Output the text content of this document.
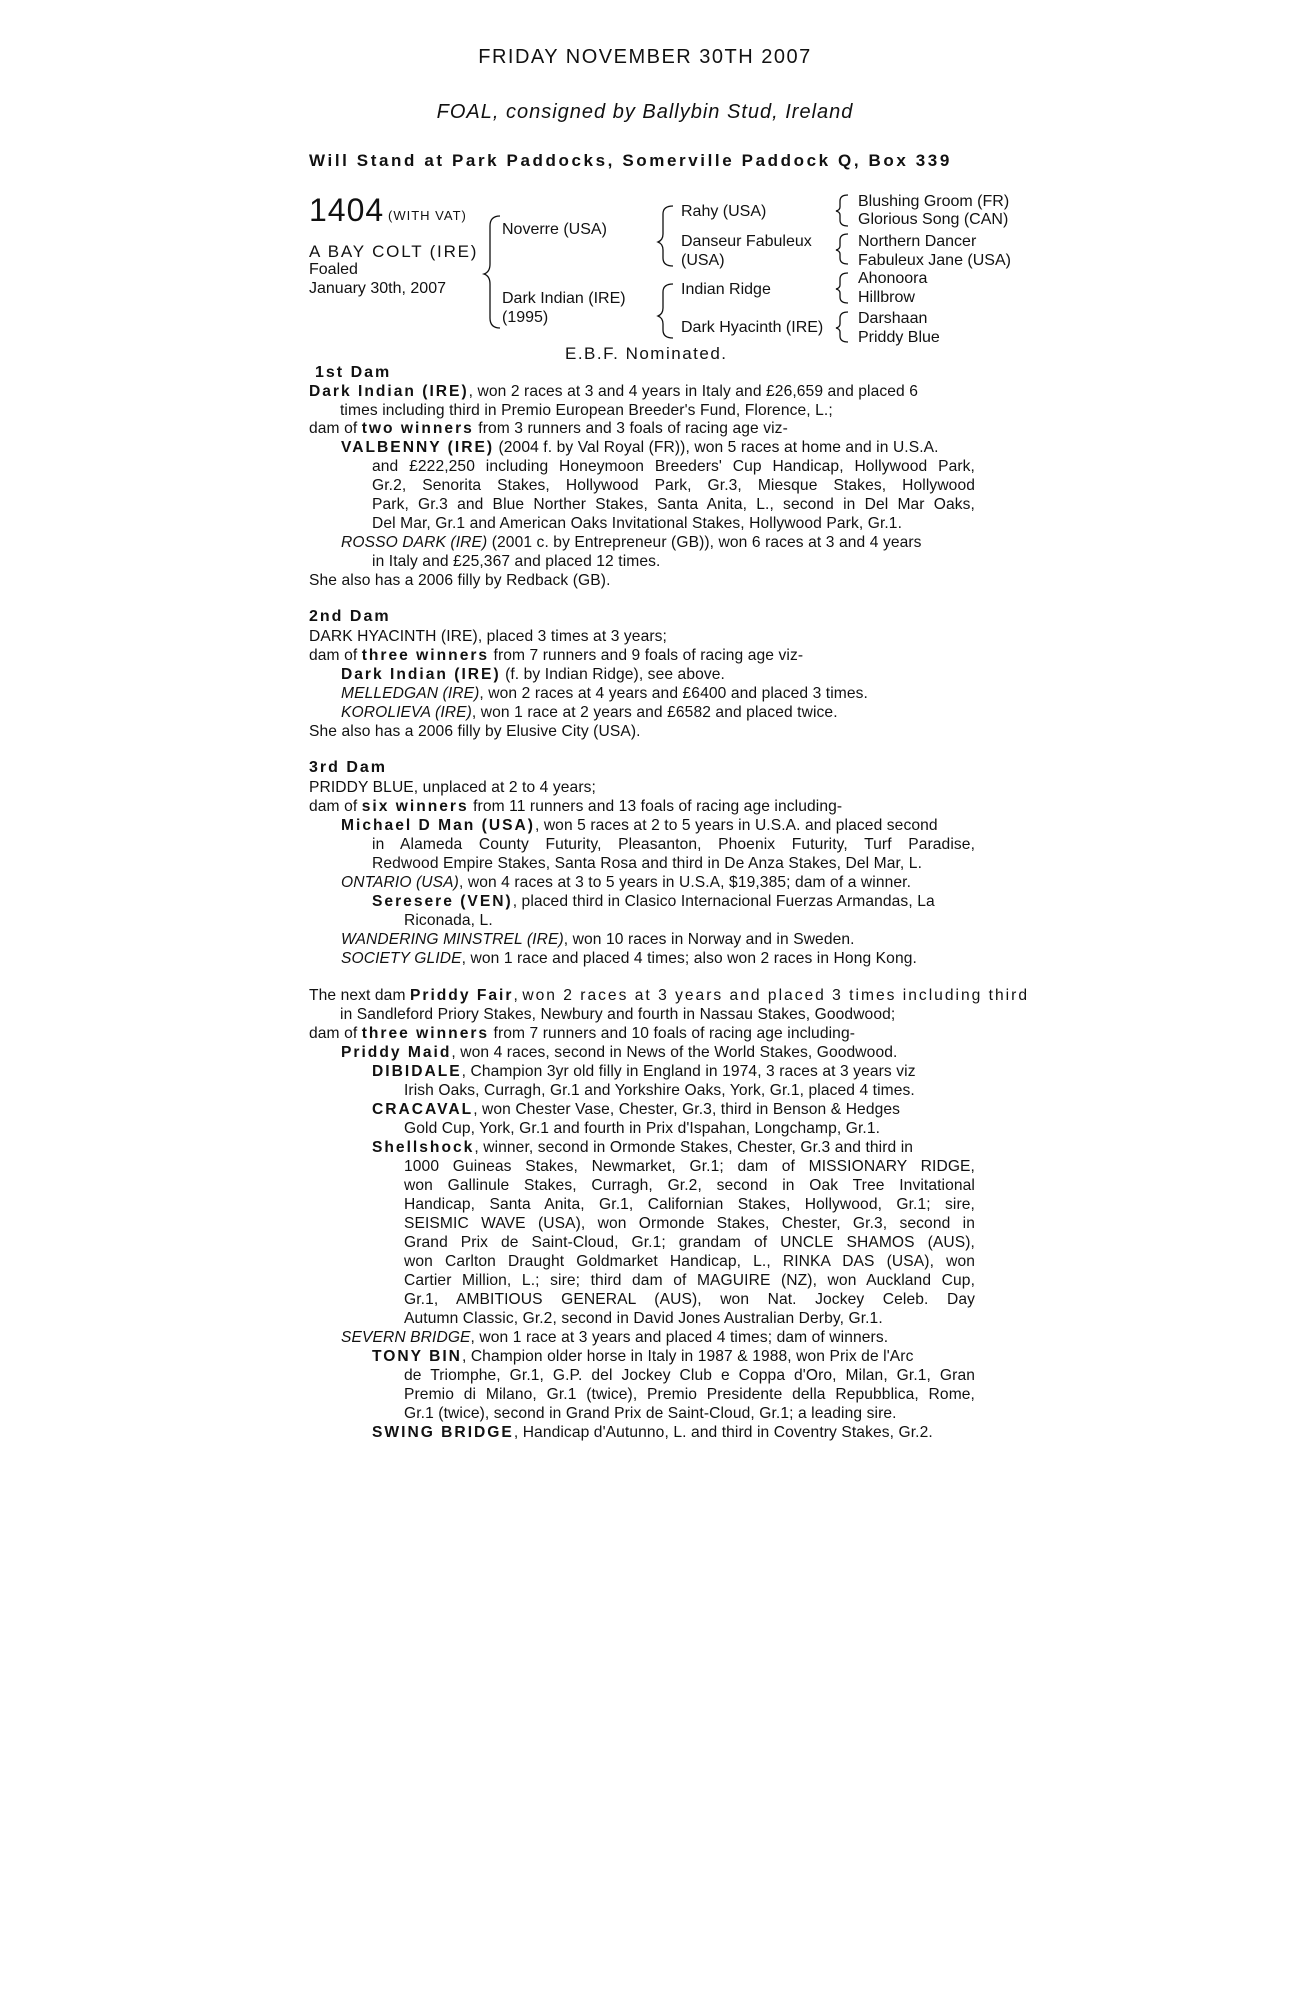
FRIDAY NOVEMBER 30TH 2007
FOAL, consigned by Ballybin Stud, Ireland
Will Stand at Park Paddocks, Somerville Paddock Q, Box 339
1404 (WITH VAT)
A BAY COLT (IRE)
Foaled
January 30th, 2007
Noverre (USA)
Dark Indian (IRE)
(1995)
Rahy (USA)
Danseur Fabuleux
(USA)
Indian Ridge
Dark Hyacinth (IRE)
Blushing Groom (FR)
Glorious Song (CAN)
Northern Dancer
Fabuleux Jane (USA)
Ahonoora
Hillbrow
Darshaan
Priddy Blue
E.B.F. Nominated.
1st Dam
Dark Indian (IRE), won 2 races at 3 and 4 years in Italy and £26,659 and placed 6
times including third in Premio European Breeder's Fund, Florence, L.;
dam of two winners from 3 runners and 3 foals of racing age viz-
VALBENNY (IRE) (2004 f. by Val Royal (FR)), won 5 races at home and in U.S.A.
and £222,250 including Honeymoon Breeders' Cup Handicap, Hollywood Park,
Gr.2, Senorita Stakes, Hollywood Park, Gr.3, Miesque Stakes, Hollywood
Park, Gr.3 and Blue Norther Stakes, Santa Anita, L., second in Del Mar Oaks,
Del Mar, Gr.1 and American Oaks Invitational Stakes, Hollywood Park, Gr.1.
ROSSO DARK (IRE) (2001 c. by Entrepreneur (GB)), won 6 races at 3 and 4 years
in Italy and £25,367 and placed 12 times.
She also has a 2006 filly by Redback (GB).
2nd Dam
DARK HYACINTH (IRE), placed 3 times at 3 years;
dam of three winners from 7 runners and 9 foals of racing age viz-
Dark Indian (IRE) (f. by Indian Ridge), see above.
MELLEDGAN (IRE), won 2 races at 4 years and £6400 and placed 3 times.
KOROLIEVA (IRE), won 1 race at 2 years and £6582 and placed twice.
She also has a 2006 filly by Elusive City (USA).
3rd Dam
PRIDDY BLUE, unplaced at 2 to 4 years;
dam of six winners from 11 runners and 13 foals of racing age including-
Michael D Man (USA), won 5 races at 2 to 5 years in U.S.A. and placed second
in Alameda County Futurity, Pleasanton, Phoenix Futurity, Turf Paradise,
Redwood Empire Stakes, Santa Rosa and third in De Anza Stakes, Del Mar, L.
ONTARIO (USA), won 4 races at 3 to 5 years in U.S.A, $19,385; dam of a winner.
Seresere (VEN), placed third in Clasico Internacional Fuerzas Armandas, La
Riconada, L.
WANDERING MINSTREL (IRE), won 10 races in Norway and in Sweden.
SOCIETY GLIDE, won 1 race and placed 4 times; also won 2 races in Hong Kong.
The next dam Priddy Fair, won 2 races at 3 years and placed 3 times including third
in Sandleford Priory Stakes, Newbury and fourth in Nassau Stakes, Goodwood;
dam of three winners from 7 runners and 10 foals of racing age including-
Priddy Maid, won 4 races, second in News of the World Stakes, Goodwood.
DIBIDALE, Champion 3yr old filly in England in 1974, 3 races at 3 years viz
Irish Oaks, Curragh, Gr.1 and Yorkshire Oaks, York, Gr.1, placed 4 times.
CRACAVAL, won Chester Vase, Chester, Gr.3, third in Benson & Hedges
Gold Cup, York, Gr.1 and fourth in Prix d'Ispahan, Longchamp, Gr.1.
Shellshock, winner, second in Ormonde Stakes, Chester, Gr.3 and third in
1000 Guineas Stakes, Newmarket, Gr.1; dam of MISSIONARY RIDGE,
won Gallinule Stakes, Curragh, Gr.2, second in Oak Tree Invitational
Handicap, Santa Anita, Gr.1, Californian Stakes, Hollywood, Gr.1; sire,
SEISMIC WAVE (USA), won Ormonde Stakes, Chester, Gr.3, second in
Grand Prix de Saint-Cloud, Gr.1; grandam of UNCLE SHAMOS (AUS),
won Carlton Draught Goldmarket Handicap, L., RINKA DAS (USA), won
Cartier Million, L.; sire; third dam of MAGUIRE (NZ), won Auckland Cup,
Gr.1, AMBITIOUS GENERAL (AUS), won Nat. Jockey Celeb. Day
Autumn Classic, Gr.2, second in David Jones Australian Derby, Gr.1.
SEVERN BRIDGE, won 1 race at 3 years and placed 4 times; dam of winners.
TONY BIN, Champion older horse in Italy in 1987 & 1988, won Prix de l'Arc
de Triomphe, Gr.1, G.P. del Jockey Club e Coppa d'Oro, Milan, Gr.1, Gran
Premio di Milano, Gr.1 (twice), Premio Presidente della Repubblica, Rome,
Gr.1 (twice), second in Grand Prix de Saint-Cloud, Gr.1; a leading sire.
SWING BRIDGE, Handicap d'Autunno, L. and third in Coventry Stakes, Gr.2.
